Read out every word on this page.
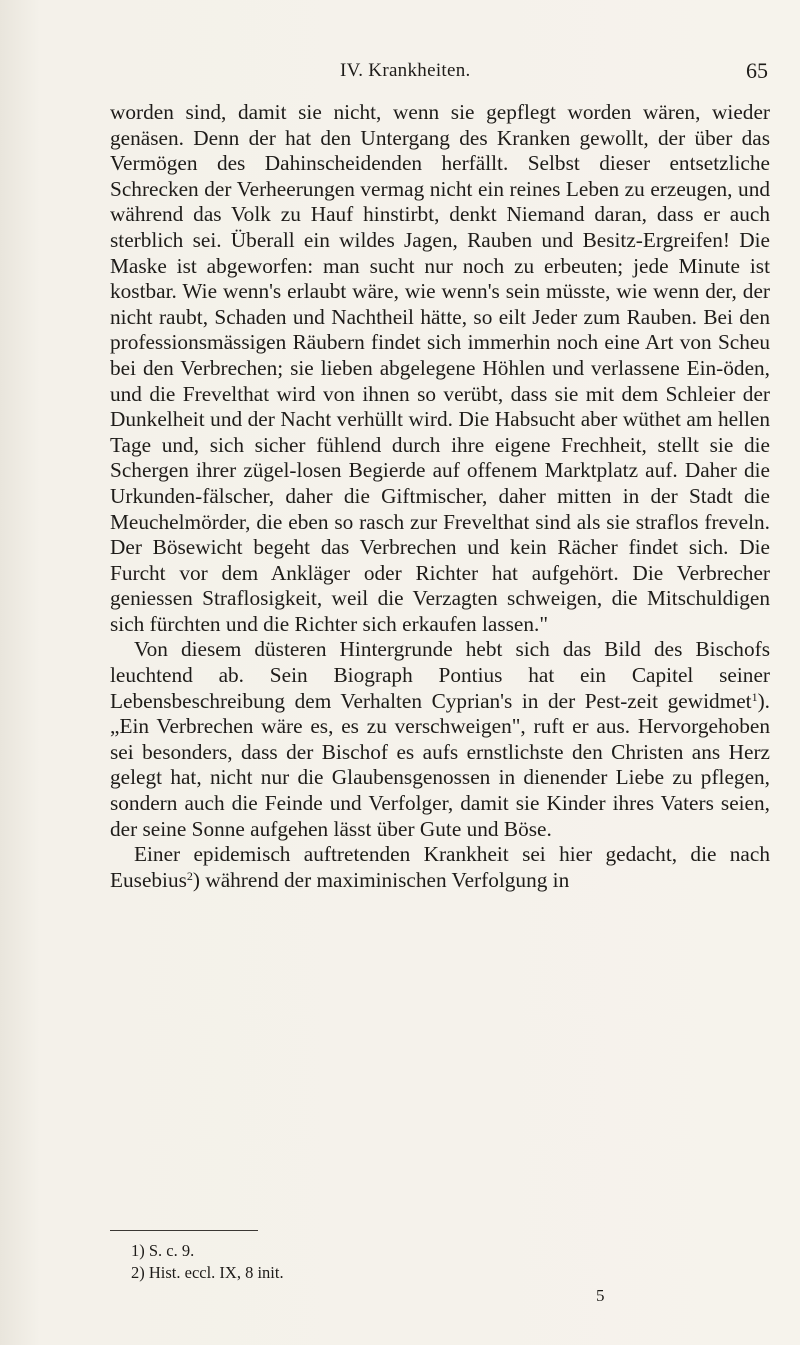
IV. Krankheiten.	65

worden sind, damit sie nicht, wenn sie gepflegt worden wären, wieder genäsen. Denn der hat den Untergang des Kranken gewollt, der über das Vermögen des Dahinscheidenden herfällt. Selbst dieser entsetzliche Schrecken der Verheerungen vermag nicht ein reines Leben zu erzeugen, und während das Volk zu Hauf hinstirbt, denkt Niemand daran, dass er auch sterblich sei. Überall ein wildes Jagen, Rauben und Besitz-Ergreifen! Die Maske ist abgeworfen: man sucht nur noch zu erbeuten; jede Minute ist kostbar. Wie wenn's erlaubt wäre, wie wenn's sein müsste, wie wenn der, der nicht raubt, Schaden und Nachtheil hätte, so eilt Jeder zum Rauben. Bei den professionsmässigen Räubern findet sich immerhin noch eine Art von Scheu bei den Verbrechen; sie lieben abgelegene Höhlen und verlassene Ein-öden, und die Frevelthat wird von ihnen so verübt, dass sie mit dem Schleier der Dunkelheit und der Nacht verhüllt wird. Die Habsucht aber wüthet am hellen Tage und, sich sicher fühlend durch ihre eigene Frechheit, stellt sie die Schergen ihrer zügel-losen Begierde auf offenem Marktplatz auf. Daher die Urkunden-fälscher, daher die Giftmischer, daher mitten in der Stadt die Meuchelmörder, die eben so rasch zur Frevelthat sind als sie straflos freveln. Der Bösewicht begeht das Verbrechen und kein Rächer findet sich. Die Furcht vor dem Ankläger oder Richter hat aufgehört. Die Verbrecher geniessen Straflosigkeit, weil die Verzagten schweigen, die Mitschuldigen sich fürchten und die Richter sich erkaufen lassen."

Von diesem düsteren Hintergrunde hebt sich das Bild des Bischofs leuchtend ab. Sein Biograph Pontius hat ein Capitel seiner Lebensbeschreibung dem Verhalten Cyprian's in der Pest-zeit gewidmet$^1$). „Ein Verbrechen wäre es, es zu verschweigen", ruft er aus. Hervorgehoben sei besonders, dass der Bischof es aufs ernstlichste den Christen ans Herz gelegt hat, nicht nur die Glaubensgenossen in dienender Liebe zu pflegen, sondern auch die Feinde und Verfolger, damit sie Kinder ihres Vaters seien, der seine Sonne aufgehen lässt über Gute und Böse.

Einer epidemisch auftretenden Krankheit sei hier gedacht, die nach Eusebius$^2$) während der maximinischen Verfolgung in

1) S. c. 9.
2) Hist. eccl. IX, 8 init.
5
